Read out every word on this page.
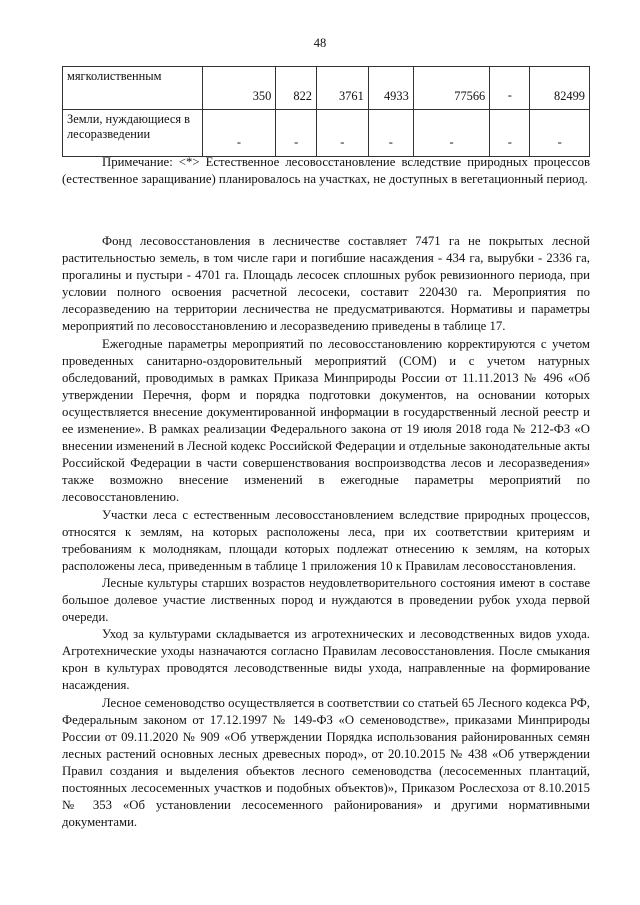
48
мягколиственным	350	822	3761	4933	77566	-	82499
Земли, нуждающиеся в лесоразведении	-	-	-	-	-	-	-

Примечание: <*> Естественное лесовосстановление вследствие природных процессов (естественное заращивание) планировалось на участках, не доступных в вегетационный период.

Фонд лесовосстановления в лесничестве составляет 7471 га не покрытых лесной растительностью земель, в том числе гари и погибшие насаждения - 434 га, вырубки - 2336 га, прогалины и пустыри - 4701 га. Площадь лесосек сплошных рубок ревизионного периода, при условии полного освоения расчетной лесосеки, составит 220430 га. Мероприятия по лесоразведению на территории лесничества не предусматриваются. Нормативы и параметры мероприятий по лесовосстановлению и лесоразведению приведены в таблице 17.

Ежегодные параметры мероприятий по лесовосстановлению корректируются с учетом проведенных санитарно-оздоровительный мероприятий (СОМ) и с учетом натурных обследований, проводимых в рамках Приказа Минприроды России от 11.11.2013 № 496 «Об утверждении Перечня, форм и порядка подготовки документов, на основании которых осуществляется внесение документированной информации в государственный лесной реестр и ее изменение». В рамках реализации Федерального закона от 19 июля 2018 года № 212-ФЗ «О внесении изменений в Лесной кодекс Российской Федерации и отдельные законодательные акты Российской Федерации в части совершенствования воспроизводства лесов и лесоразведения» также возможно внесение изменений в ежегодные параметры мероприятий по лесовосстановлению.

Участки леса с естественным лесовосстановлением вследствие природных процессов, относятся к землям, на которых расположены леса, при их соответствии критериям и требованиям к молоднякам, площади которых подлежат отнесению к землям, на которых расположены леса, приведенным в таблице 1 приложения 10 к Правилам лесовосстановления.

Лесные культуры старших возрастов неудовлетворительного состояния имеют в составе большое долевое участие лиственных пород и нуждаются в проведении рубок ухода первой очереди.

Уход за культурами складывается из агротехнических и лесоводственных видов ухода. Агротехнические уходы назначаются согласно Правилам лесовосстановления. После смыкания крон в культурах проводятся лесоводственные виды ухода, направленные на формирование насаждения.

Лесное семеноводство осуществляется в соответствии со статьей 65 Лесного кодекса РФ, Федеральным законом от 17.12.1997 № 149-ФЗ «О семеноводстве», приказами Минприроды России от 09.11.2020 № 909 «Об утверждении Порядка использования районированных семян лесных растений основных лесных древесных пород», от 20.10.2015 № 438 «Об утверждении Правил создания и выделения объектов лесного семеноводства (лесосеменных плантаций, постоянных лесосеменных участков и подобных объектов)», Приказом Рослесхоза от 8.10.2015 № 353 «Об установлении лесосеменного районирования» и другими нормативными документами.
